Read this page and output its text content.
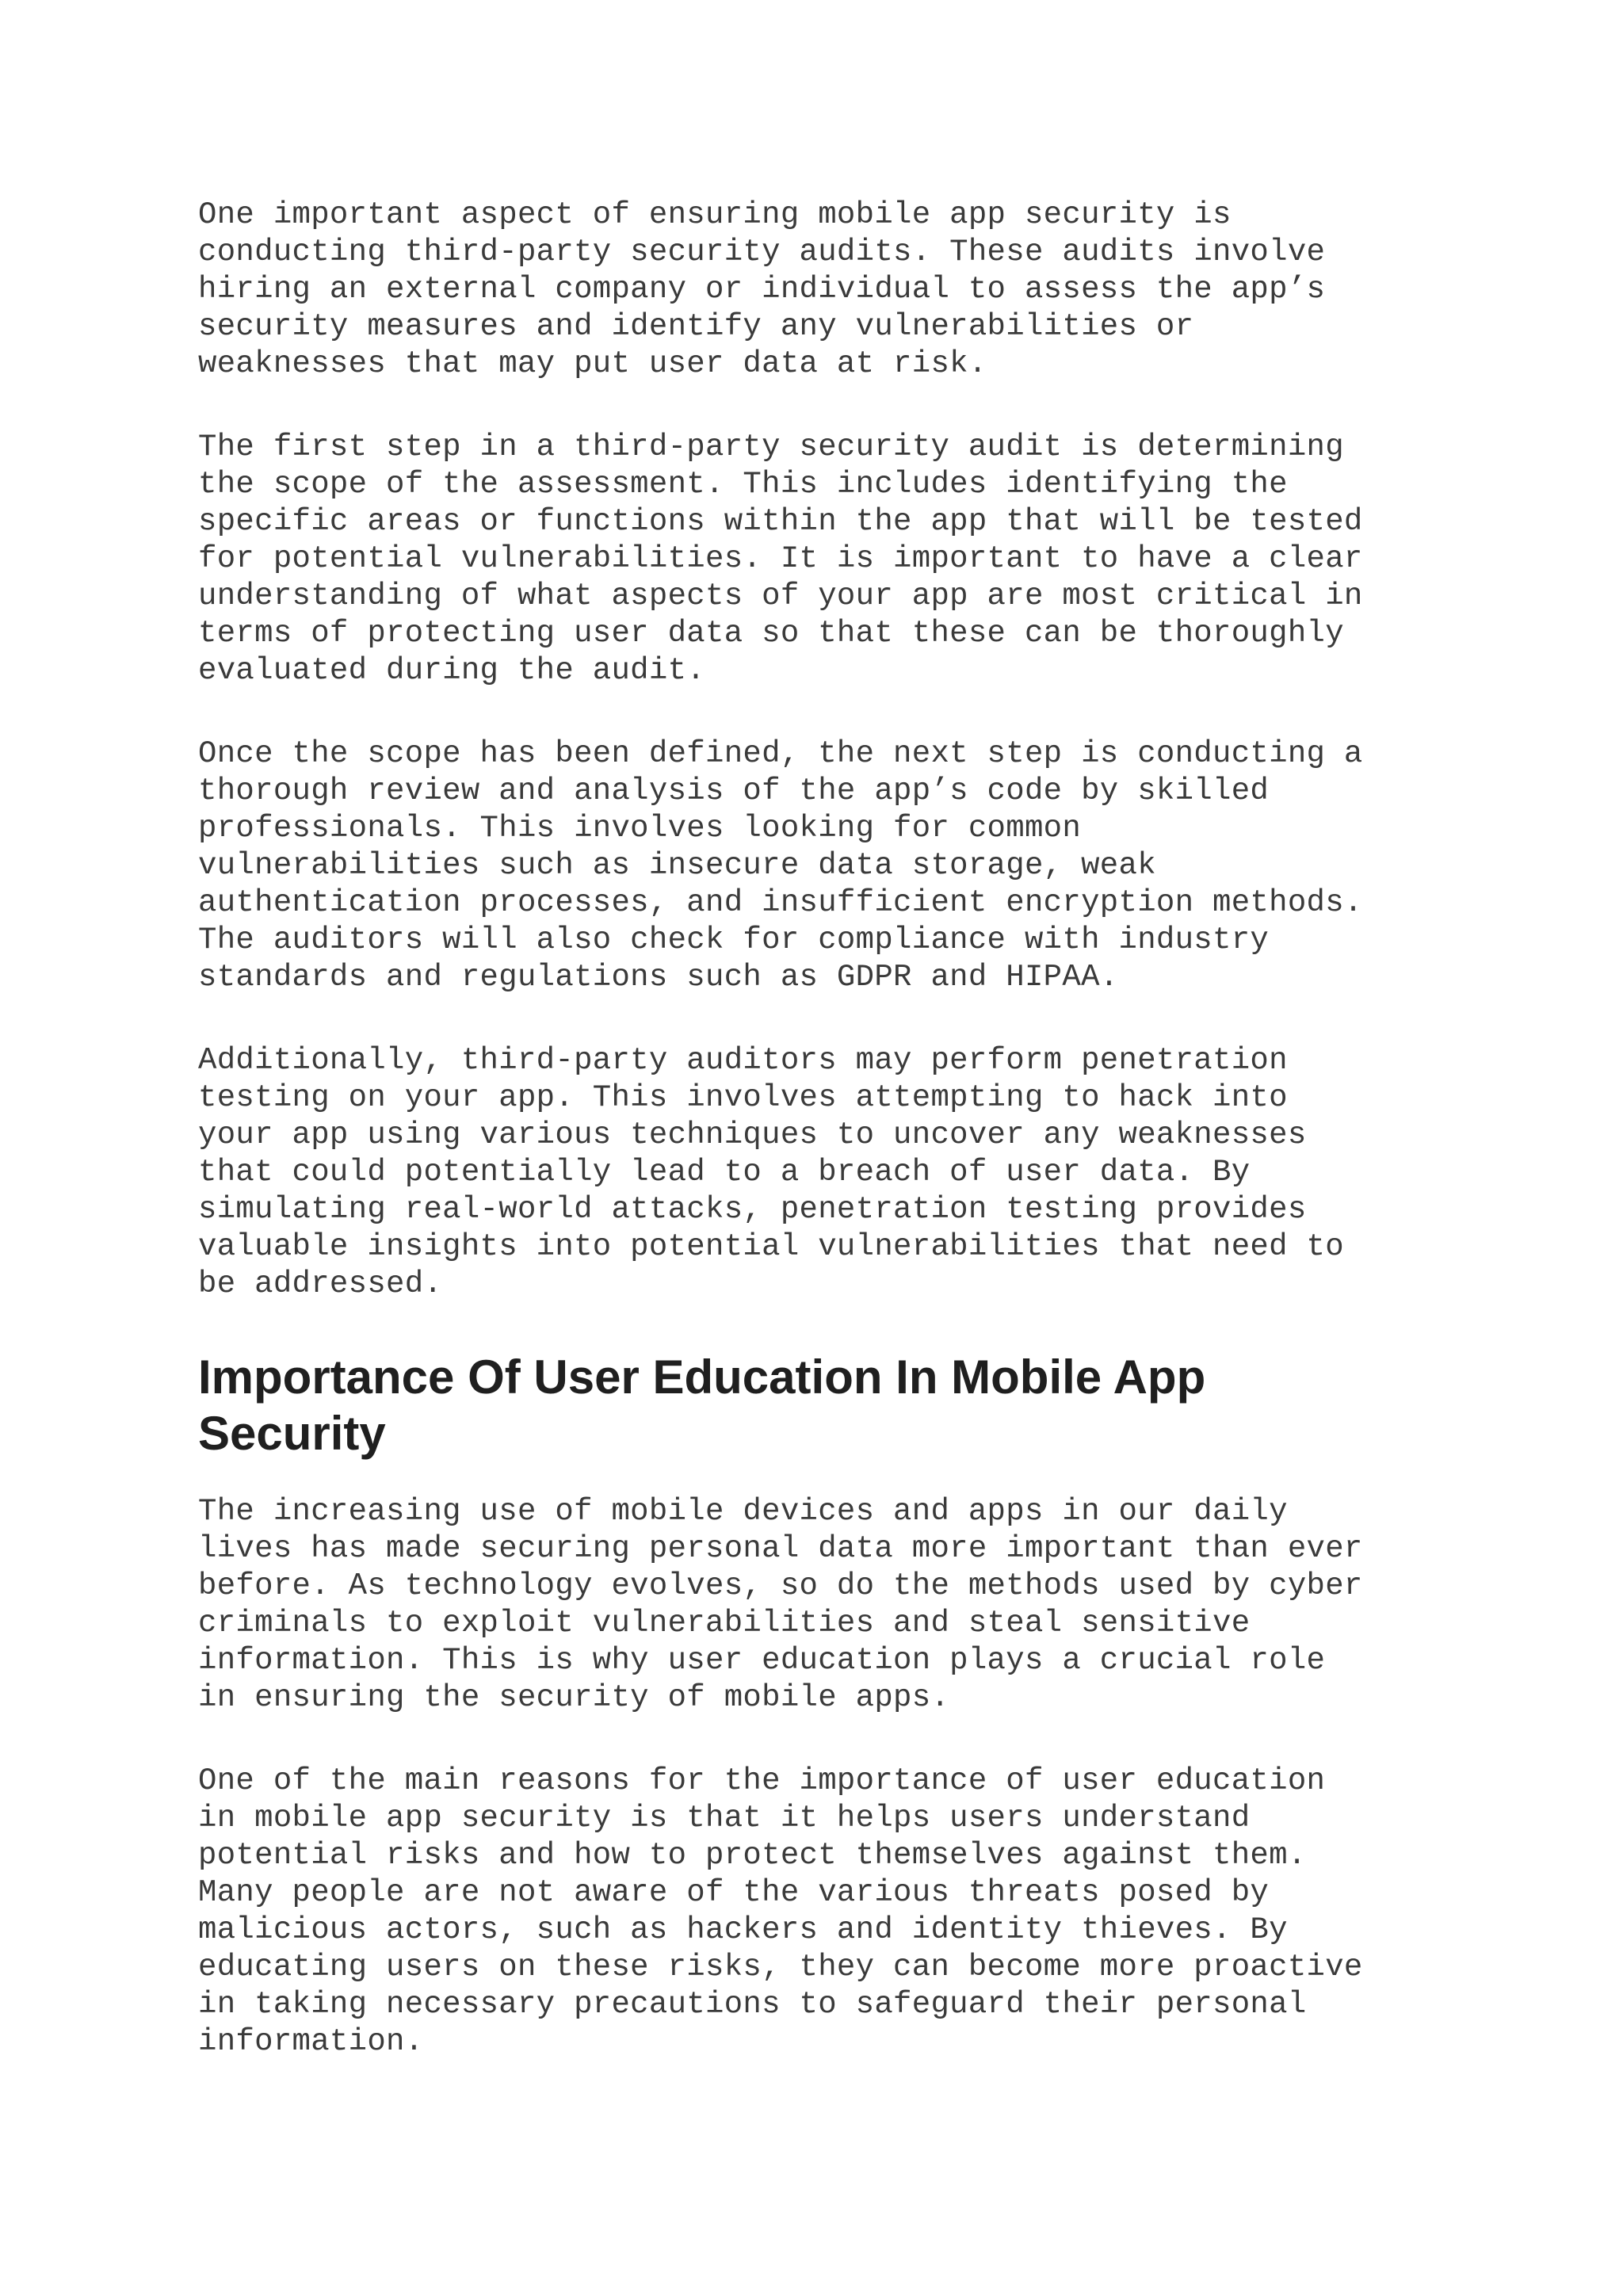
One important aspect of ensuring mobile app security is
conducting third-party security audits. These audits involve
hiring an external company or individual to assess the app’s
security measures and identify any vulnerabilities or
weaknesses that may put user data at risk.

The first step in a third-party security audit is determining
the scope of the assessment. This includes identifying the
specific areas or functions within the app that will be tested
for potential vulnerabilities. It is important to have a clear
understanding of what aspects of your app are most critical in
terms of protecting user data so that these can be thoroughly
evaluated during the audit.

Once the scope has been defined, the next step is conducting a
thorough review and analysis of the app’s code by skilled
professionals. This involves looking for common
vulnerabilities such as insecure data storage, weak
authentication processes, and insufficient encryption methods.
The auditors will also check for compliance with industry
standards and regulations such as GDPR and HIPAA.

Additionally, third-party auditors may perform penetration
testing on your app. This involves attempting to hack into
your app using various techniques to uncover any weaknesses
that could potentially lead to a breach of user data. By
simulating real-world attacks, penetration testing provides
valuable insights into potential vulnerabilities that need to
be addressed.

Importance Of User Education In Mobile App
Security

The increasing use of mobile devices and apps in our daily
lives has made securing personal data more important than ever
before. As technology evolves, so do the methods used by cyber
criminals to exploit vulnerabilities and steal sensitive
information. This is why user education plays a crucial role
in ensuring the security of mobile apps.

One of the main reasons for the importance of user education
in mobile app security is that it helps users understand
potential risks and how to protect themselves against them.
Many people are not aware of the various threats posed by
malicious actors, such as hackers and identity thieves. By
educating users on these risks, they can become more proactive
in taking necessary precautions to safeguard their personal
information.
